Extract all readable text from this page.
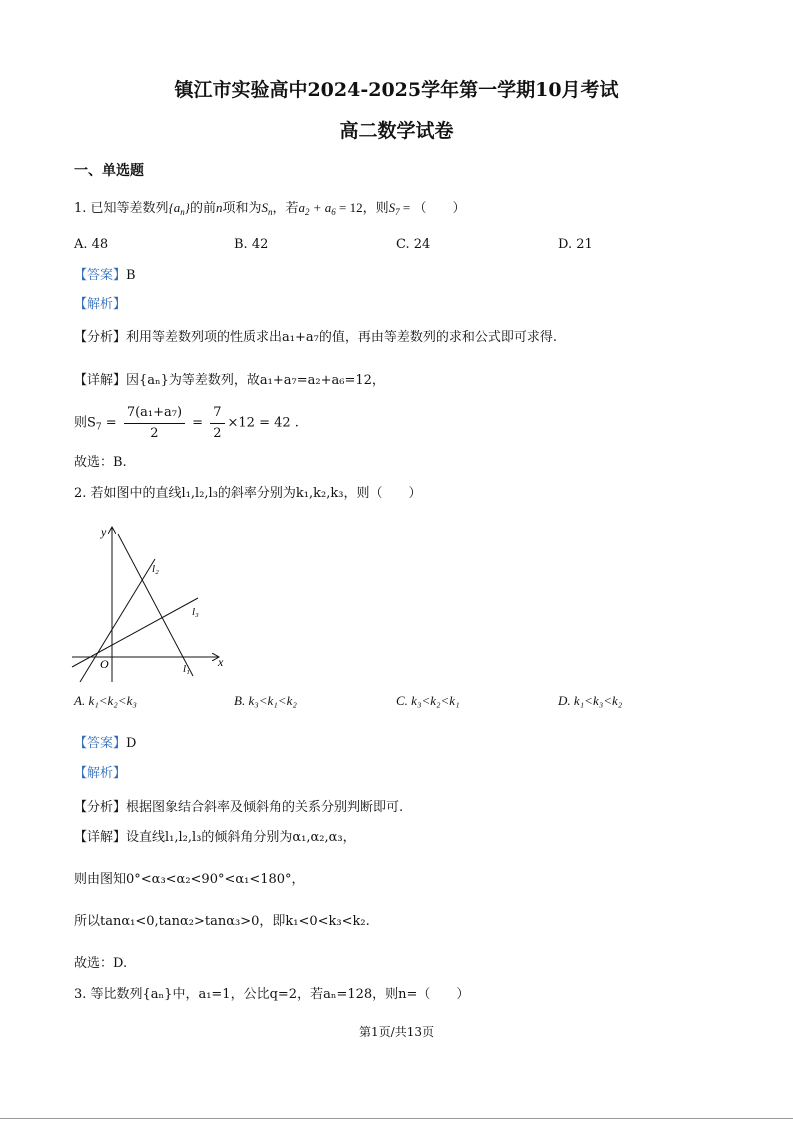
镇江市实验高中2024-2025学年第一学期10月考试
高二数学试卷
一、单选题
1. 已知等差数列$\{a_n\}$的前n项和为$S_n$，若$a_2 + a_6 = 12$，则$S_7$ = （　　）
A. 48	B. 42	C. 24	D. 21
【答案】B
【解析】
【分析】利用等差数列项的性质求出a₁+a₇的值，再由等差数列的求和公式即可求得.
【详解】因{aₙ}为等差数列，故a₁+a₇=a₂+a₆=12，
则$S_7 = \frac{\text{7(a₁+a₇)}}{2} = \frac{7}{2} \times 12 = 42$ .
故选：B.
2. 若如图中的直线l₁,l₂,l₃的斜率分别为k₁,k₂,k₃，则（　　）
y
x
O
l₂
l₃
l₁
A. k₁<k₂<k₃	B. k₃<k₁<k₂	C. k₃<k₂<k₁	D. k₁<k₃<k₂
【答案】D
【解析】
【分析】根据图象结合斜率及倾斜角的关系分别判断即可.
【详解】设直线l₁,l₂,l₃的倾斜角分别为α₁,α₂,α₃，
则由图知0°<α₃<α₂<90°<α₁<180°，
所以tanα₁<0,tanα₂>tanα₃>0，即k₁<0<k₃<k₂.
故选：D.
3. 等比数列{aₙ}中，a₁=1，公比q=2，若aₙ=128，则n=（　　）
第1页/共13页
